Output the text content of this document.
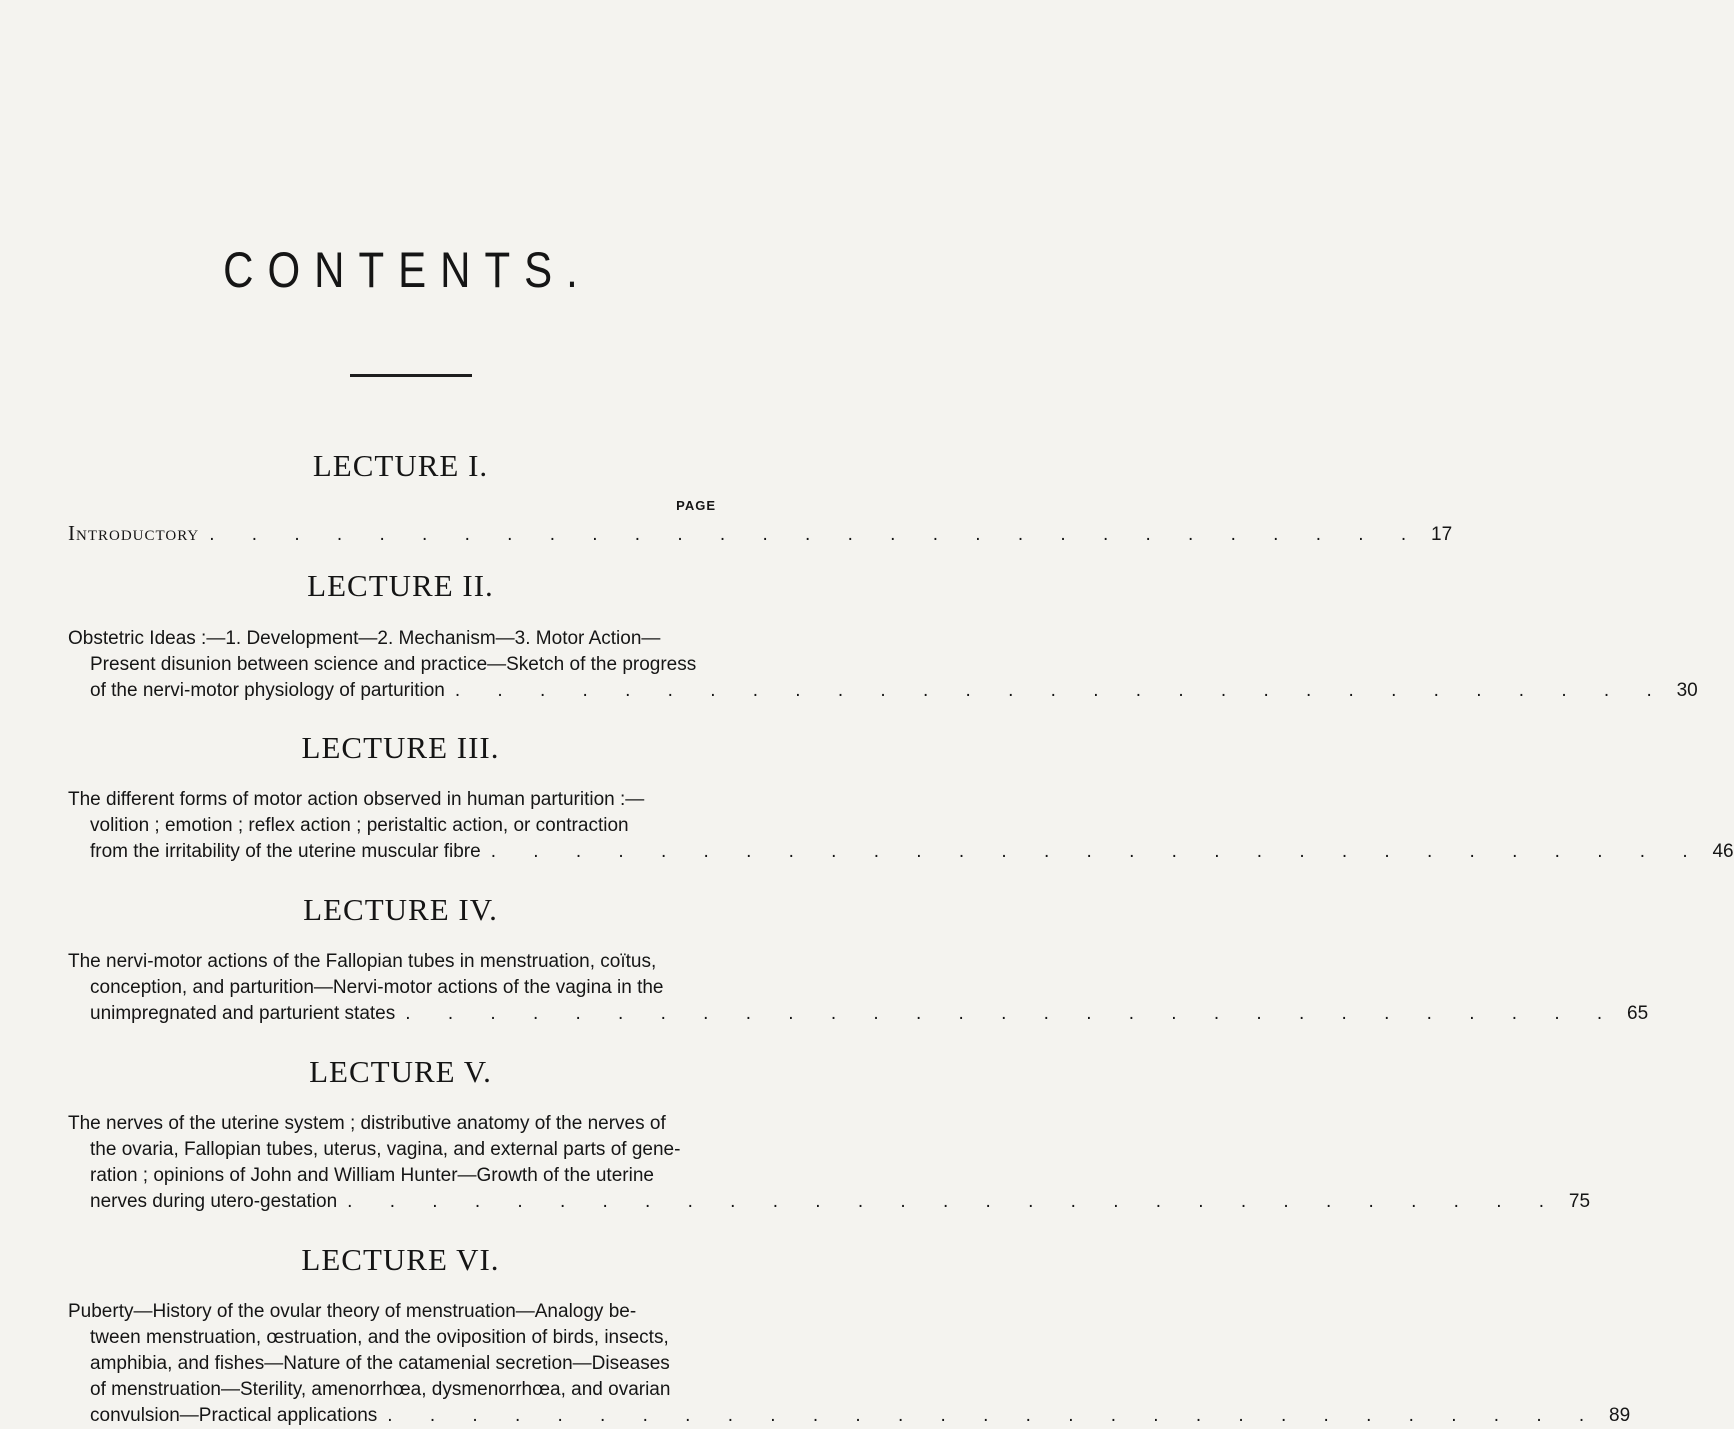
CONTENTS.
LECTURE I.
PAGE
Introductory . . . . . . . . . . . . . . . . . . . . . . . . . . . . . 17
LECTURE II.
Obstetric Ideas :—1. Development—2. Mechanism—3. Motor Action—
Present disunion between science and practice—Sketch of the progress
of the nervi-motor physiology of parturition . . . . . . . . . . . . . . . . . . . . . . . . . . . . . 30
LECTURE III.
The different forms of motor action observed in human parturition :—
volition ; emotion ; reflex action ; peristaltic action, or contraction
from the irritability of the uterine muscular fibre . . . . . . . . . . . . . . . . . . . . . . . . . . . . . 46
LECTURE IV.
The nervi-motor actions of the Fallopian tubes in menstruation, coïtus,
conception, and parturition—Nervi-motor actions of the vagina in the
unimpregnated and parturient states . . . . . . . . . . . . . . . . . . . . . . . . . . . . . 65
LECTURE V.
The nerves of the uterine system ; distributive anatomy of the nerves of
the ovaria, Fallopian tubes, uterus, vagina, and external parts of gene-
ration ; opinions of John and William Hunter—Growth of the uterine
nerves during utero-gestation . . . . . . . . . . . . . . . . . . . . . . . . . . . . . 75
LECTURE VI.
Puberty—History of the ovular theory of menstruation—Analogy be-
tween menstruation, œstruation, and the oviposition of birds, insects,
amphibia, and fishes—Nature of the catamenial secretion—Diseases
of menstruation—Sterility, amenorrhœa, dysmenorrhœa, and ovarian
convulsion—Practical applications . . . . . . . . . . . . . . . . . . . . . . . . . . . . . 89
